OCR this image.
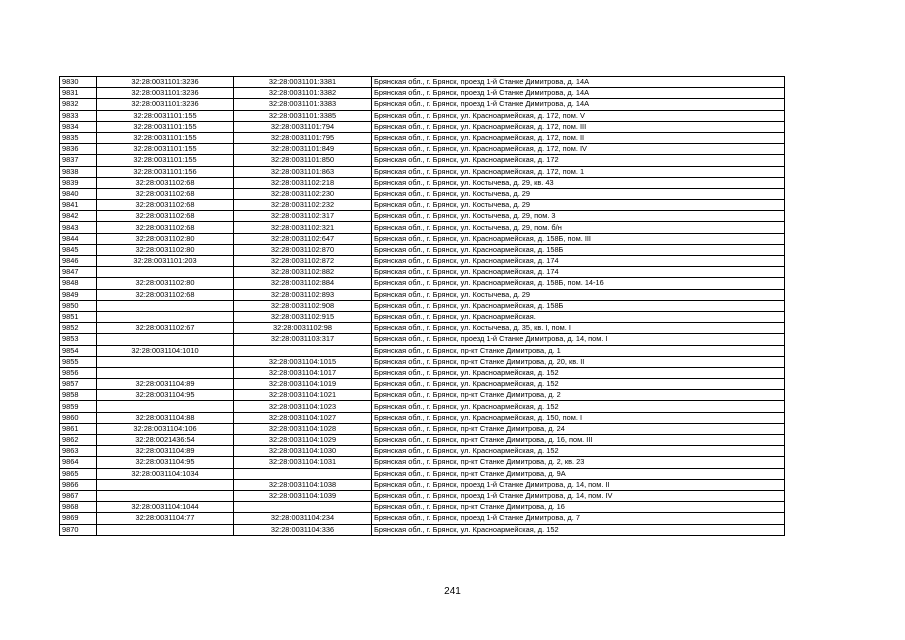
9830	32:28:0031101:3236	32:28:0031101:3381	Брянская обл., г. Брянск, проезд 1-й Станке Димитрова, д. 14А
9831	32:28:0031101:3236	32:28:0031101:3382	Брянская обл., г. Брянск, проезд 1-й Станке Димитрова, д. 14А
9832	32:28:0031101:3236	32:28:0031101:3383	Брянская обл., г. Брянск, проезд 1-й Станке Димитрова, д. 14А
9833	32:28:0031101:155	32:28:0031101:3385	Брянская обл., г. Брянск, ул. Красноармейская, д. 172, пом. V
9834	32:28:0031101:155	32:28:0031101:794	Брянская обл., г. Брянск, ул. Красноармейская, д. 172, пом. III
9835	32:28:0031101:155	32:28:0031101:795	Брянская обл., г. Брянск, ул. Красноармейская, д. 172, пом. II
9836	32:28:0031101:155	32:28:0031101:849	Брянская обл., г. Брянск, ул. Красноармейская, д. 172, пом. IV
9837	32:28:0031101:155	32:28:0031101:850	Брянская обл., г. Брянск, ул. Красноармейская, д. 172
9838	32:28:0031101:156	32:28:0031101:863	Брянская обл., г. Брянск, ул. Красноармейская, д. 172, пом. 1
9839	32:28:0031102:68	32:28:0031102:218	Брянская обл., г. Брянск, ул. Костычева, д. 29, кв. 43
9840	32:28:0031102:68	32:28:0031102:230	Брянская обл., г. Брянск, ул. Костычева, д. 29
9841	32:28:0031102:68	32:28:0031102:232	Брянская обл., г. Брянск, ул. Костычева, д. 29
9842	32:28:0031102:68	32:28:0031102:317	Брянская обл., г. Брянск, ул. Костычева, д. 29, пом. 3
9843	32:28:0031102:68	32:28:0031102:321	Брянская обл., г. Брянск, ул. Костычева, д. 29, пом. б/н
9844	32:28:0031102:80	32:28:0031102:647	Брянская обл., г. Брянск, ул. Красноармейская, д. 158Б, пом. III
9845	32:28:0031102:80	32:28:0031102:870	Брянская обл., г. Брянск, ул. Красноармейская, д. 158Б
9846	32:28:0031101:203	32:28:0031102:872	Брянская обл., г. Брянск, ул. Красноармейская, д. 174
9847		32:28:0031102:882	Брянская обл., г. Брянск, ул. Красноармейская, д. 174
9848	32:28:0031102:80	32:28:0031102:884	Брянская обл., г. Брянск, ул. Красноармейская, д. 158Б, пом. 14-16
9849	32:28:0031102:68	32:28:0031102:893	Брянская обл., г. Брянск, ул. Костычева, д. 29
9850		32:28:0031102:908	Брянская обл., г. Брянск, ул. Красноармейская, д. 158Б
9851		32:28:0031102:915	Брянская обл., г. Брянск, ул. Красноармейская.
9852	32:28:0031102:67	32:28:0031102:98	Брянская обл., г. Брянск, ул. Костычева, д. 35, кв. I, пом. I
9853		32:28:0031103:317	Брянская обл., г. Брянск, проезд 1-й Станке Димитрова, д. 14, пом. I
9854	32:28:0031104:1010		Брянская обл., г. Брянск, пр-кт Станке Димитрова, д. 1
9855		32:28:0031104:1015	Брянская обл., г. Брянск, пр-кт Станке Димитрова, д. 20, кв. II
9856		32:28:0031104:1017	Брянская обл., г. Брянск, ул. Красноармейская, д. 152
9857	32:28:0031104:89	32:28:0031104:1019	Брянская обл., г. Брянск, ул. Красноармейская, д. 152
9858	32:28:0031104:95	32:28:0031104:1021	Брянская обл., г. Брянск, пр-кт Станке Димитрова, д. 2
9859		32:28:0031104:1023	Брянская обл., г. Брянск, ул. Красноармейская, д. 152
9860	32:28:0031104:88	32:28:0031104:1027	Брянская обл., г. Брянск, ул. Красноармейская, д. 150, пом. I
9861	32:28:0031104:106	32:28:0031104:1028	Брянская обл., г. Брянск, пр-кт Станке Димитрова, д. 24
9862	32:28:0021436:54	32:28:0031104:1029	Брянская обл., г. Брянск, пр-кт Станке Димитрова, д. 16, пом. III
9863	32:28:0031104:89	32:28:0031104:1030	Брянская обл., г. Брянск, ул. Красноармейская, д. 152
9864	32:28:0031104:95	32:28:0031104:1031	Брянская обл., г. Брянск, пр-кт Станке Димитрова, д. 2, кв. 23
9865	32:28:0031104:1034		Брянская обл., г. Брянск, пр-кт Станке Димитрова, д. 9А
9866		32:28:0031104:1038	Брянская обл., г. Брянск, проезд 1-й Станке Димитрова, д. 14, пом. II
9867		32:28:0031104:1039	Брянская обл., г. Брянск, проезд 1-й Станке Димитрова, д. 14, пом. IV
9868	32:28:0031104:1044		Брянская обл., г. Брянск, пр-кт Станке Димитрова, д. 16
9869	32:28:0031104:77	32:28:0031104:234	Брянская обл., г. Брянск, проезд 1-й Станке Димитрова, д. 7
9870		32:28:0031104:336	Брянская обл., г. Брянск, ул. Красноармейская, д. 152
241
